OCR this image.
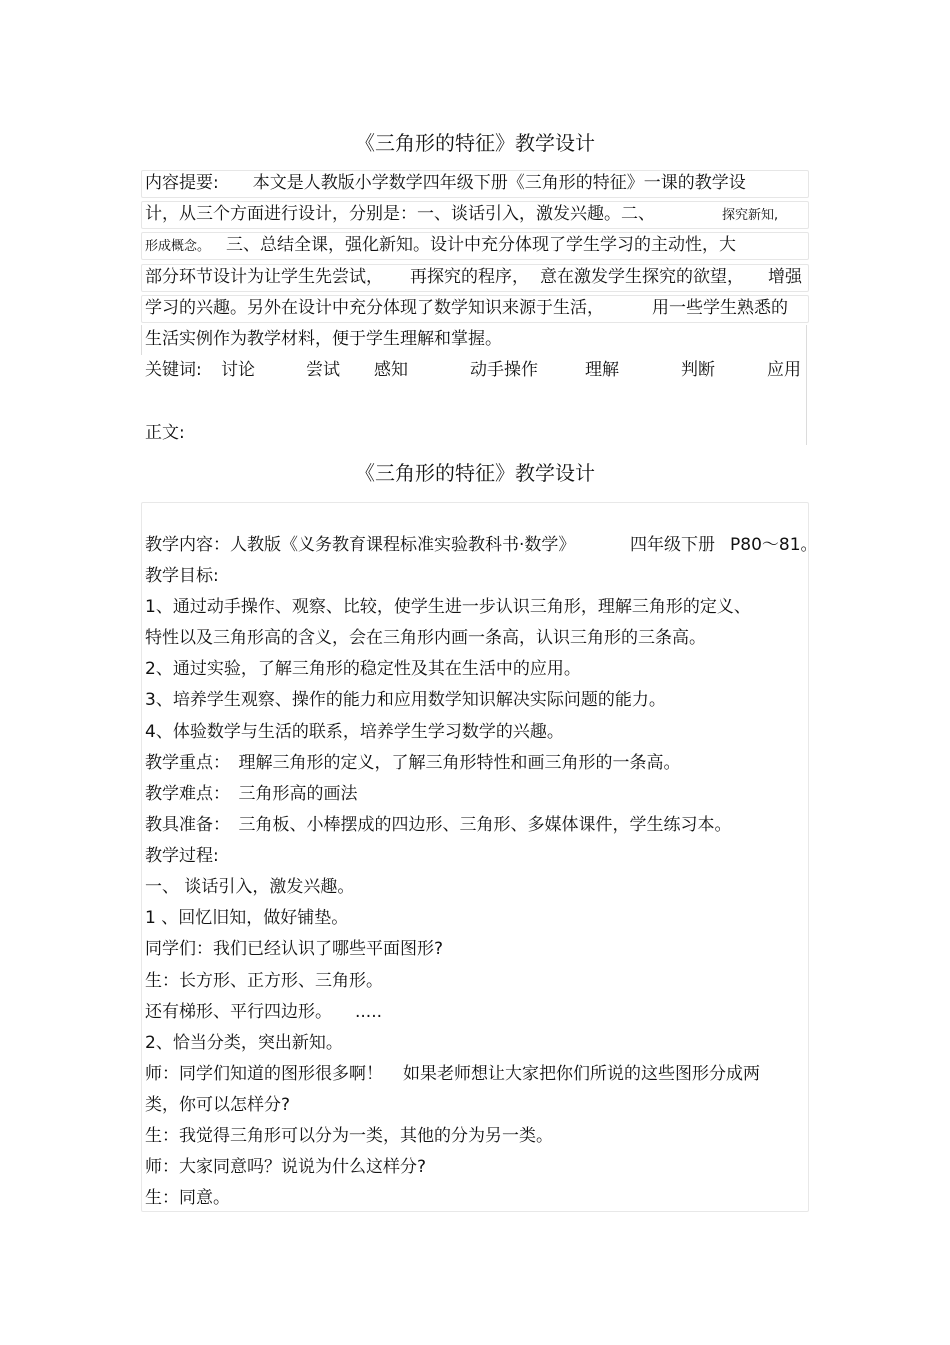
《三角形的特征》教学设计
内容提要:　　本文是人教版小学数学四年级下册《三角形的特征》一课的教学设
计，从三个方面进行设计，分别是：一、谈话引入，激发兴趣。二、	探究新知,
形成概念。 三、总结全课，强化新知。设计中充分体现了学生学习的主动性，大
部分环节设计为让学生先尝试， 再探究的程序， 意在激发学生探究的欲望， 增强
学习的兴趣。另外在设计中充分体现了数学知识来源于生活，	用一些学生熟悉的
生活实例作为教学材料，便于学生理解和掌握。
关键词: 讨论	尝试 感知	动手操作	理解	判断	应用
正文:
《三角形的特征》教学设计
教学内容：人教版《义务教育课程标准实验教科书·数学》	四年级下册 P80～81。
教学目标:
1、通过动手操作、观察、比较，使学生进一步认识三角形，理解三角形的定义、
特性以及三角形高的含义，会在三角形内画一条高，认识三角形的三条高。
2、通过实验，了解三角形的稳定性及其在生活中的应用。
3、培养学生观察、操作的能力和应用数学知识解决实际问题的能力。
4、体验数学与生活的联系，培养学生学习数学的兴趣。
教学重点：　理解三角形的定义，了解三角形特性和画三角形的一条高。
教学难点：　三角形高的画法
教具准备：　三角板、小棒摆成的四边形、三角形、多媒体课件，学生练习本。
教学过程:
一、 谈话引入，激发兴趣。
1 、回忆旧知，做好铺垫。
同学们：我们已经认识了哪些平面图形?
生：长方形、正方形、三角形。
还有梯形、平行四边形。 .....
2、恰当分类，突出新知。
师：同学们知道的图形很多啊！ 如果老师想让大家把你们所说的这些图形分成两
类，你可以怎样分?
生：我觉得三角形可以分为一类，其他的分为另一类。
师：大家同意吗？说说为什么这样分?
生：同意。
